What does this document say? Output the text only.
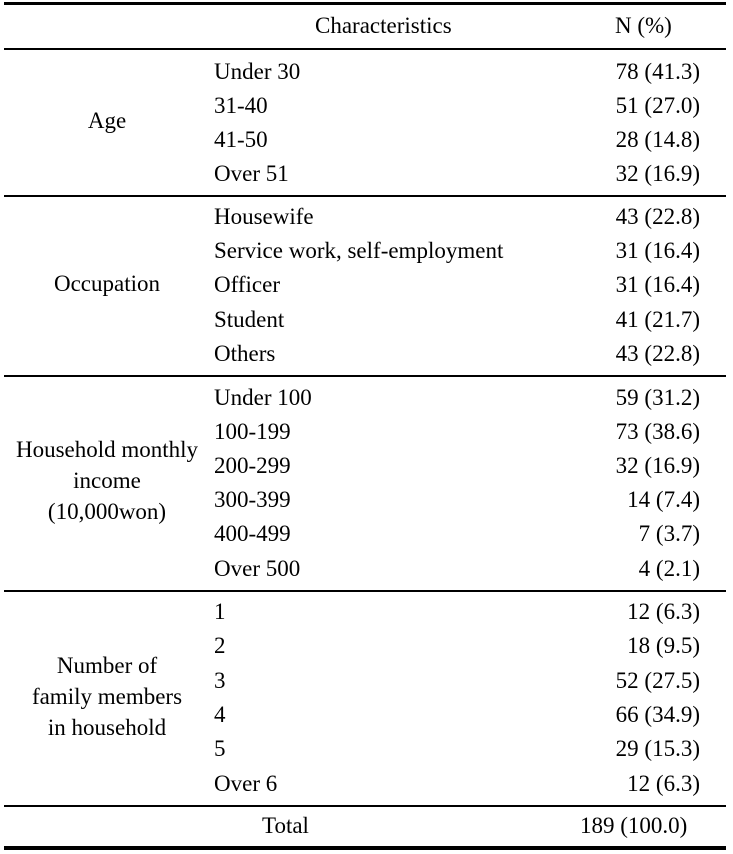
Characteristics	N (%)
Age
Under 30	78 (41.3)
31-40	51 (27.0)
41-50	28 (14.8)
Over 51	32 (16.9)
Occupation
Housewife	43 (22.8)
Service work, self-employment	31 (16.4)
Officer	31 (16.4)
Student	41 (21.7)
Others	43 (22.8)
Household monthly
income
(10,000won)
Under 100	59 (31.2)
100-199	73 (38.6)
200-299	32 (16.9)
300-399	14 (7.4)
400-499	7 (3.7)
Over 500	4 (2.1)
Number of
family members
in household
1	12 (6.3)
2	18 (9.5)
3	52 (27.5)
4	66 (34.9)
5	29 (15.3)
Over 6	12 (6.3)
Total	189 (100.0)
